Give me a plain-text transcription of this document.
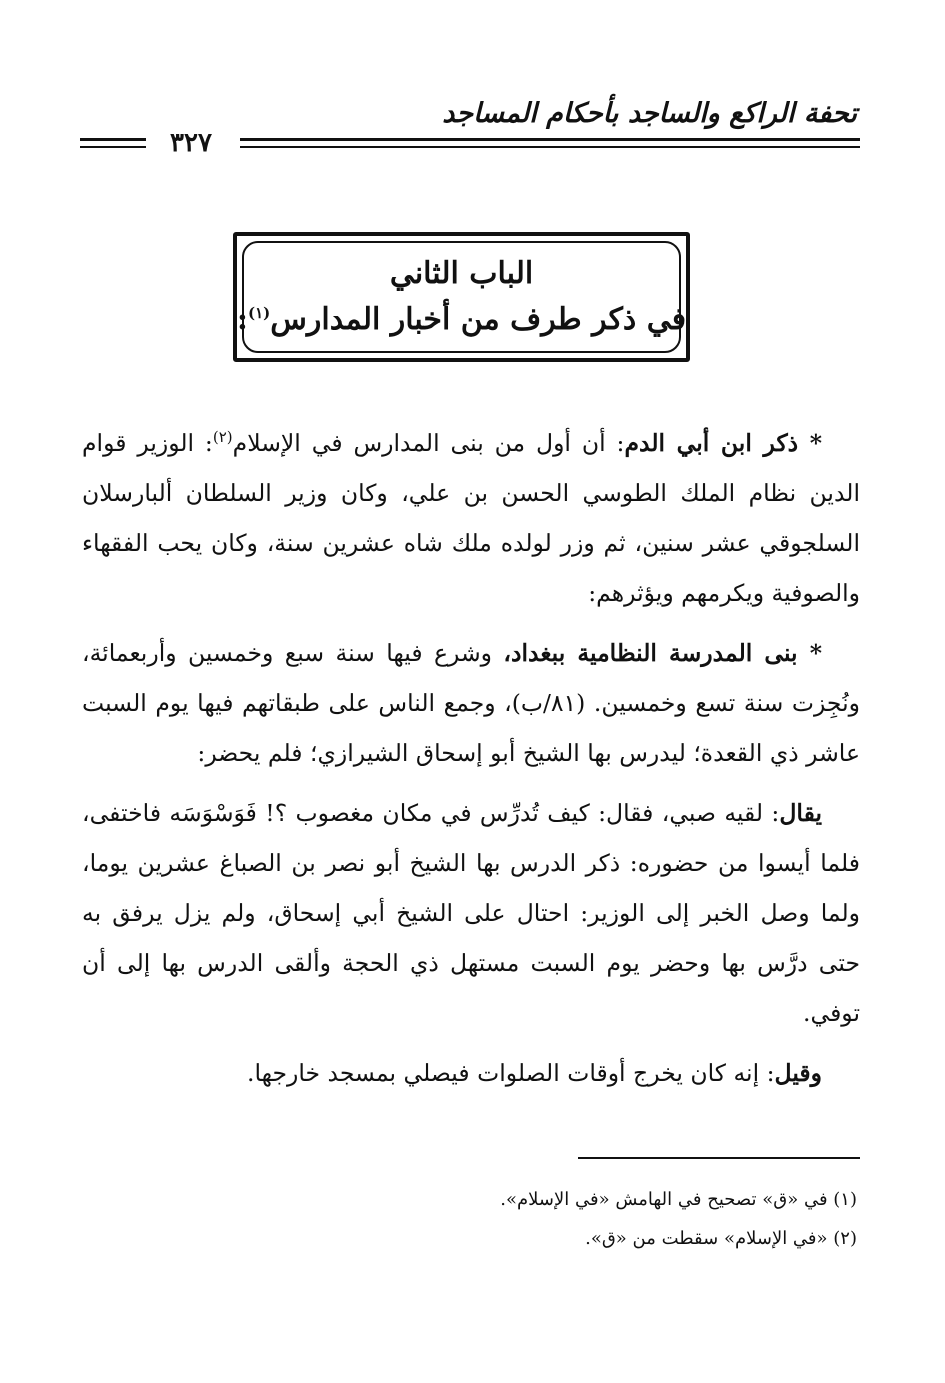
تحفة الراكع والساجد بأحكام المساجد
٣٢٧
الباب الثاني
في ذكر طرف من أخبار المدارس$^{(١)}$:

* ذكر ابن أبي الدم: أن أول من بنى المدارس في الإسلام$^{(٢)}$: الوزير قوام الدين نظام الملك الطوسي الحسن بن علي، وكان وزير السلطان ألبارسلان السلجوقي عشر سنين، ثم وزر لولده ملك شاه عشرين سنة، وكان يحب الفقهاء والصوفية ويكرمهم ويؤثرهم:

* بنى المدرسة النظامية ببغداد، وشرع فيها سنة سبع وخمسين وأربعمائة، ونُجِزت سنة تسع وخمسين. (٨١/ب)، وجمع الناس على طبقاتهم فيها يوم السبت عاشر ذي القعدة؛ ليدرس بها الشيخ أبو إسحاق الشيرازي؛ فلم يحضر:

يقال: لقيه صبي، فقال: كيف تُدرِّس في مكان مغصوب ؟! فَوَسْوَسَه فاختفى، فلما أيسوا من حضوره: ذكر الدرس بها الشيخ أبو نصر بن الصباغ عشرين يوما، ولما وصل الخبر إلى الوزير: احتال على الشيخ أبي إسحاق، ولم يزل يرفق به حتى درَّس بها وحضر يوم السبت مستهل ذي الحجة وألقى الدرس بها إلى أن توفي.

وقيل: إنه كان يخرج أوقات الصلوات فيصلي بمسجد خارجها.

(١) في «ق» تصحيح في الهامش «في الإسلام».
(٢) «في الإسلام» سقطت من «ق».
